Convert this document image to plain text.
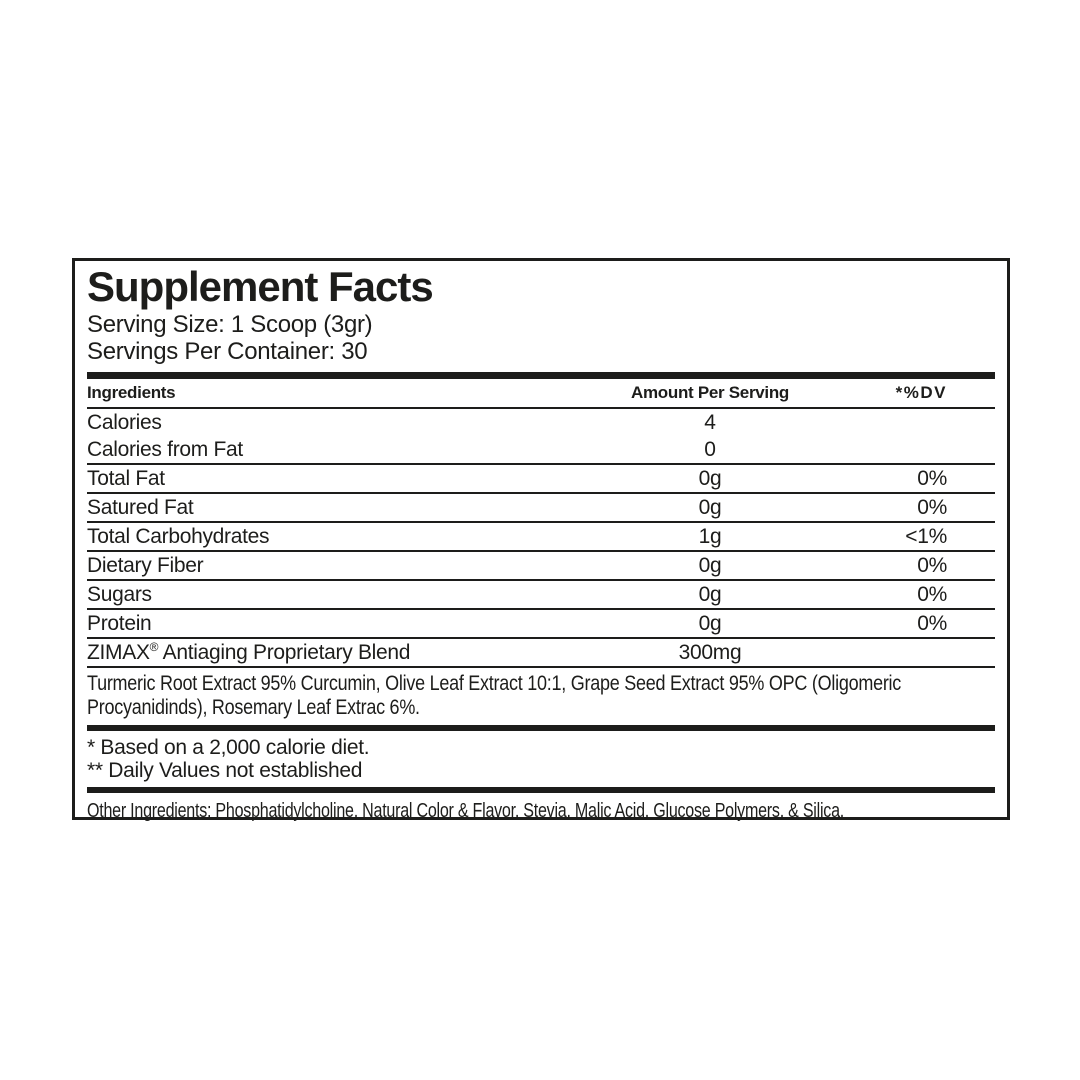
Supplement Facts
Serving Size: 1 Scoop (3gr)
Servings Per Container: 30
Ingredients	Amount Per Serving	*%DV
Calories	4
Calories from Fat	0
Total Fat	0g	0%
Satured Fat	0g	0%
Total Carbohydrates	1g	<1%
Dietary Fiber	0g	0%
Sugars	0g	0%
Protein	0g	0%
ZIMAX® Antiaging Proprietary Blend	300mg
Turmeric Root Extract 95% Curcumin, Olive Leaf Extract 10:1, Grape Seed Extract 95% OPC (Oligomeric Procyanidinds), Rosemary Leaf Extrac 6%.
* Based on a 2,000 calorie diet.
** Daily Values not established
Other Ingredients: Phosphatidylcholine, Natural Color & Flavor, Stevia, Malic Acid, Glucose Polymers, & Silica.
